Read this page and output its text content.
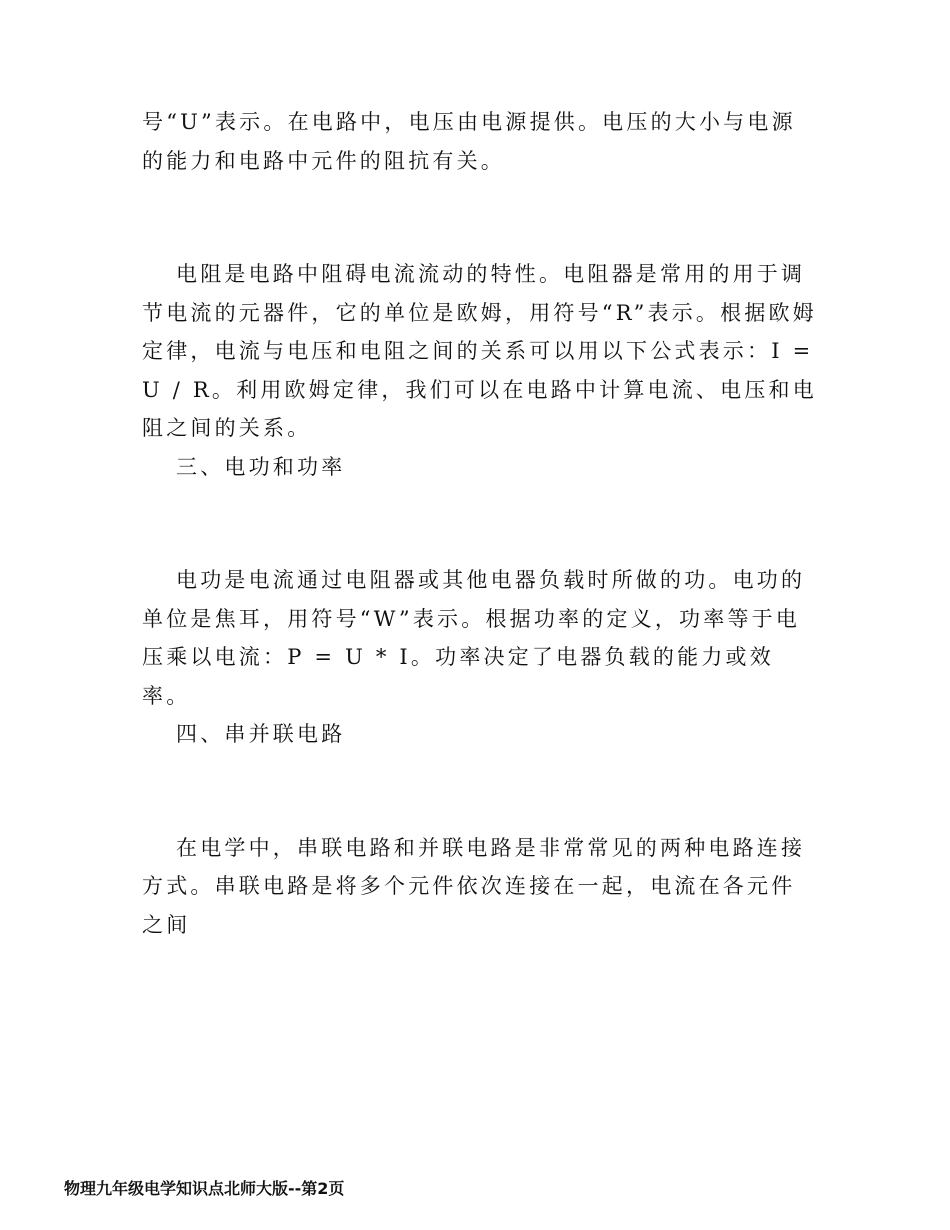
号“U”表示。在电路中，电压由电源提供。电压的大小与电源的能力和电路中元件的阻抗有关。

电阻是电路中阻碍电流流动的特性。电阻器是常用的用于调节电流的元器件，它的单位是欧姆，用符号“R”表示。根据欧姆定律，电流与电压和电阻之间的关系可以用以下公式表示：I = U / R。利用欧姆定律，我们可以在电路中计算电流、电压和电阻之间的关系。

三、电功和功率

电功是电流通过电阻器或其他电器负载时所做的功。电功的单位是焦耳，用符号“W”表示。根据功率的定义，功率等于电压乘以电流：P = U * I。功率决定了电器负载的能力或效率。

四、串并联电路

在电学中，串联电路和并联电路是非常常见的两种电路连接方式。串联电路是将多个元件依次连接在一起，电流在各元件之间

物理九年级电学知识点北师大版--第2页
